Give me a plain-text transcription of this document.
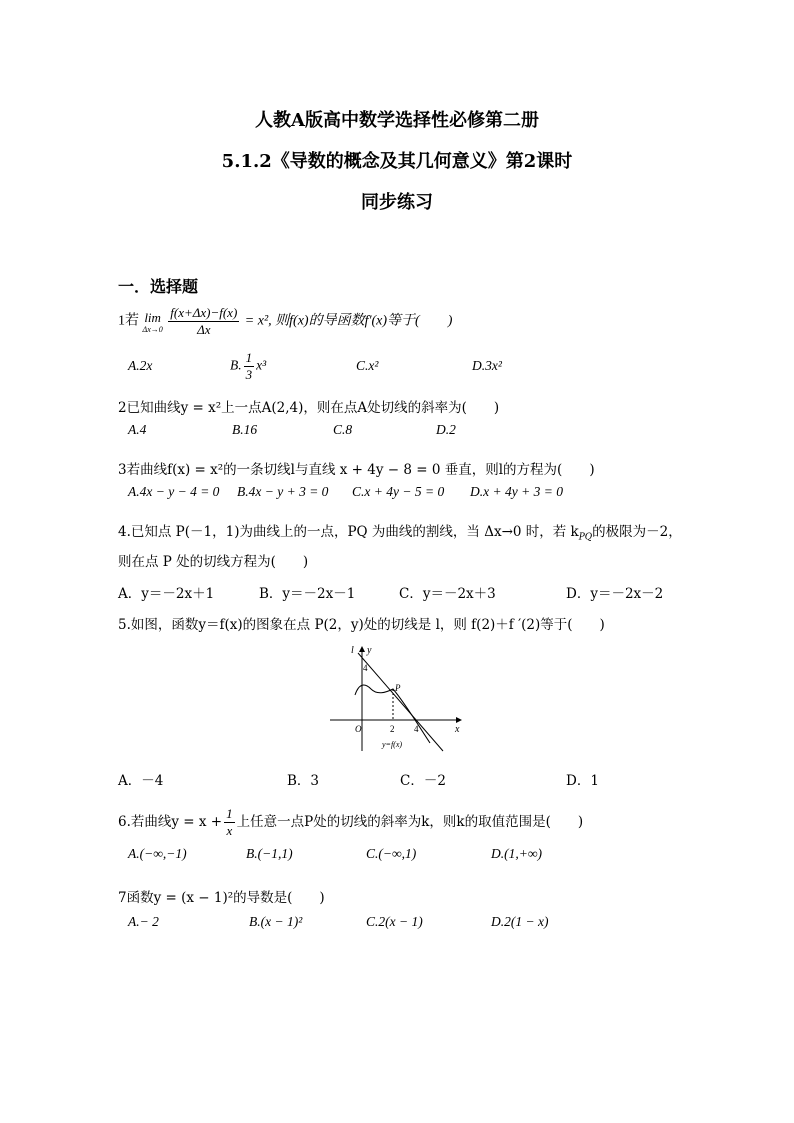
人教A版高中数学选择性必修第二册
5.1.2《导数的概念及其几何意义》第2课时
同步练习
一．选择题
1若 lim
Δx→0
$\frac{f(x+\Delta x)-f(x)}{\Delta x} = x^2$, 则f(x)的导函数f′(x)等于(　　)
A.2x	B. $\frac{1}{3} x^3$	C.x²	D.3x²
2已知曲线y = x²上一点A(2,4)，则在点A处切线的斜率为(　　)
A.4	B.16	C.8	D.2
3若曲线f(x) = x²的一条切线l与直线 x + 4y − 8 = 0 垂直，则l的方程为(　　)
A.4x − y − 4 = 0 B.4x − y + 3 = 0 C.x + 4y − 5 = 0 D.x + 4y + 3 = 0
4.已知点 P(－1，1)为曲线上的一点，PQ 为曲线的割线，当 Δx→0 时，若 $k_{PQ}$的极限为－2，
则在点 P 处的切线方程为(　　)
A．y＝－2x＋1	B．y＝－2x－1	C．y＝－2x＋3	D．y＝－2x－2
5.如图，函数y＝f(x)的图象在点 P(2，y)处的切线是 l，则 f(2)＋f ′(2)等于(　　)
l y
x
O
4
P
2 4
y=f(x)
A．－4	B．3	C．－2	D．1
6.若曲线$y = x + \frac{1}{x}$ 上任意一点P处的切线的斜率为k，则k的取值范围是(　　)
A.(−∞,−1)	B.(−1,1)	C.(−∞,1)	D.(1,+∞)
7函数y = (x − 1)²的导数是(　　)
A.− 2	B.(x − 1)²	C.2(x − 1)	D.2(1 − x)
